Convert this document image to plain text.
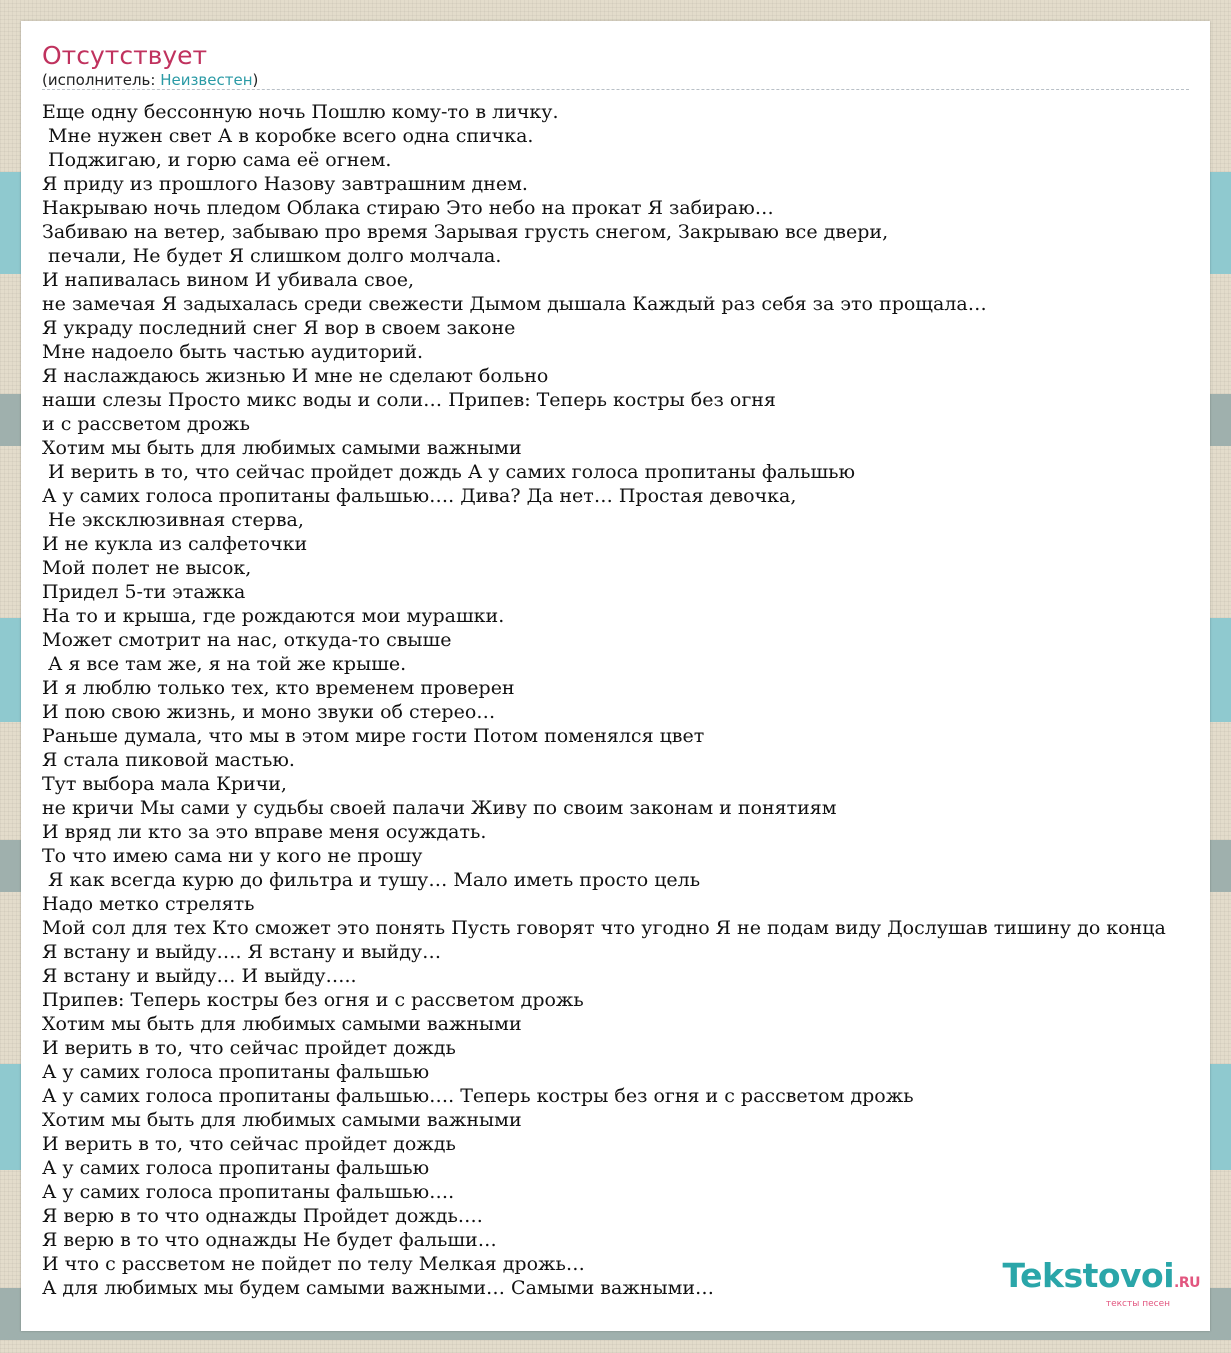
Отсутствует
(исполнитель: Неизвестен)
Еще одну бессонную ночь Пошлю кому-то в личку.
Мне нужен свет А в коробке всего одна спичка.
Поджигаю, и горю сама её огнем.
Я приду из прошлого Назову завтрашним днем.
Накрываю ночь пледом Облака стираю Это небо на прокат Я забираю…
Забиваю на ветер, забываю про время Зарывая грусть снегом, Закрываю все двери,
печали, Не будет Я слишком долго молчала.
И напивалась вином И убивала свое,
не замечая Я задыхалась среди свежести Дымом дышала Каждый раз себя за это прощала…
Я украду последний снег Я вор в своем законе
Мне надоело быть частью аудиторий.
Я наслаждаюсь жизнью И мне не сделают больно
наши слезы Просто микс воды и соли… Припев: Теперь костры без огня
и с рассветом дрожь
Хотим мы быть для любимых самыми важными
И верить в то, что сейчас пройдет дождь А у самих голоса пропитаны фальшью
А у самих голоса пропитаны фальшью…. Дива? Да нет… Простая девочка,
Не эксклюзивная стерва,
И не кукла из салфеточки
Мой полет не высок,
Придел 5-ти этажка
На то и крыша, где рождаются мои мурашки.
Может смотрит на нас, откуда-то свыше
А я все там же, я на той же крыше.
И я люблю только тех, кто временем проверен
И пою свою жизнь, и моно звуки об стерео…
Раньше думала, что мы в этом мире гости Потом поменялся цвет
Я стала пиковой мастью.
Тут выбора мала Кричи,
не кричи Мы сами у судьбы своей палачи Живу по своим законам и понятиям
И вряд ли кто за это вправе меня осуждать.
То что имею сама ни у кого не прошу
Я как всегда курю до фильтра и тушу… Мало иметь просто цель
Надо метко стрелять
Мой сол для тех Кто сможет это понять Пусть говорят что угодно Я не подам виду Дослушав тишину до конца
Я встану и выйду…. Я встану и выйду…
Я встану и выйду… И выйду…..
Припев: Теперь костры без огня и с рассветом дрожь
Хотим мы быть для любимых самыми важными
И верить в то, что сейчас пройдет дождь
А у самих голоса пропитаны фальшью
А у самих голоса пропитаны фальшью…. Теперь костры без огня и с рассветом дрожь
Хотим мы быть для любимых самыми важными
И верить в то, что сейчас пройдет дождь
А у самих голоса пропитаны фальшью
А у самих голоса пропитаны фальшью….
Я верю в то что однажды Пройдет дождь….
Я верю в то что однажды Не будет фальши…
И что с рассветом не пойдет по телу Мелкая дрожь…
А для любимых мы будем самыми важными… Самыми важными…	Tekstovoi.RU
тексты песен
